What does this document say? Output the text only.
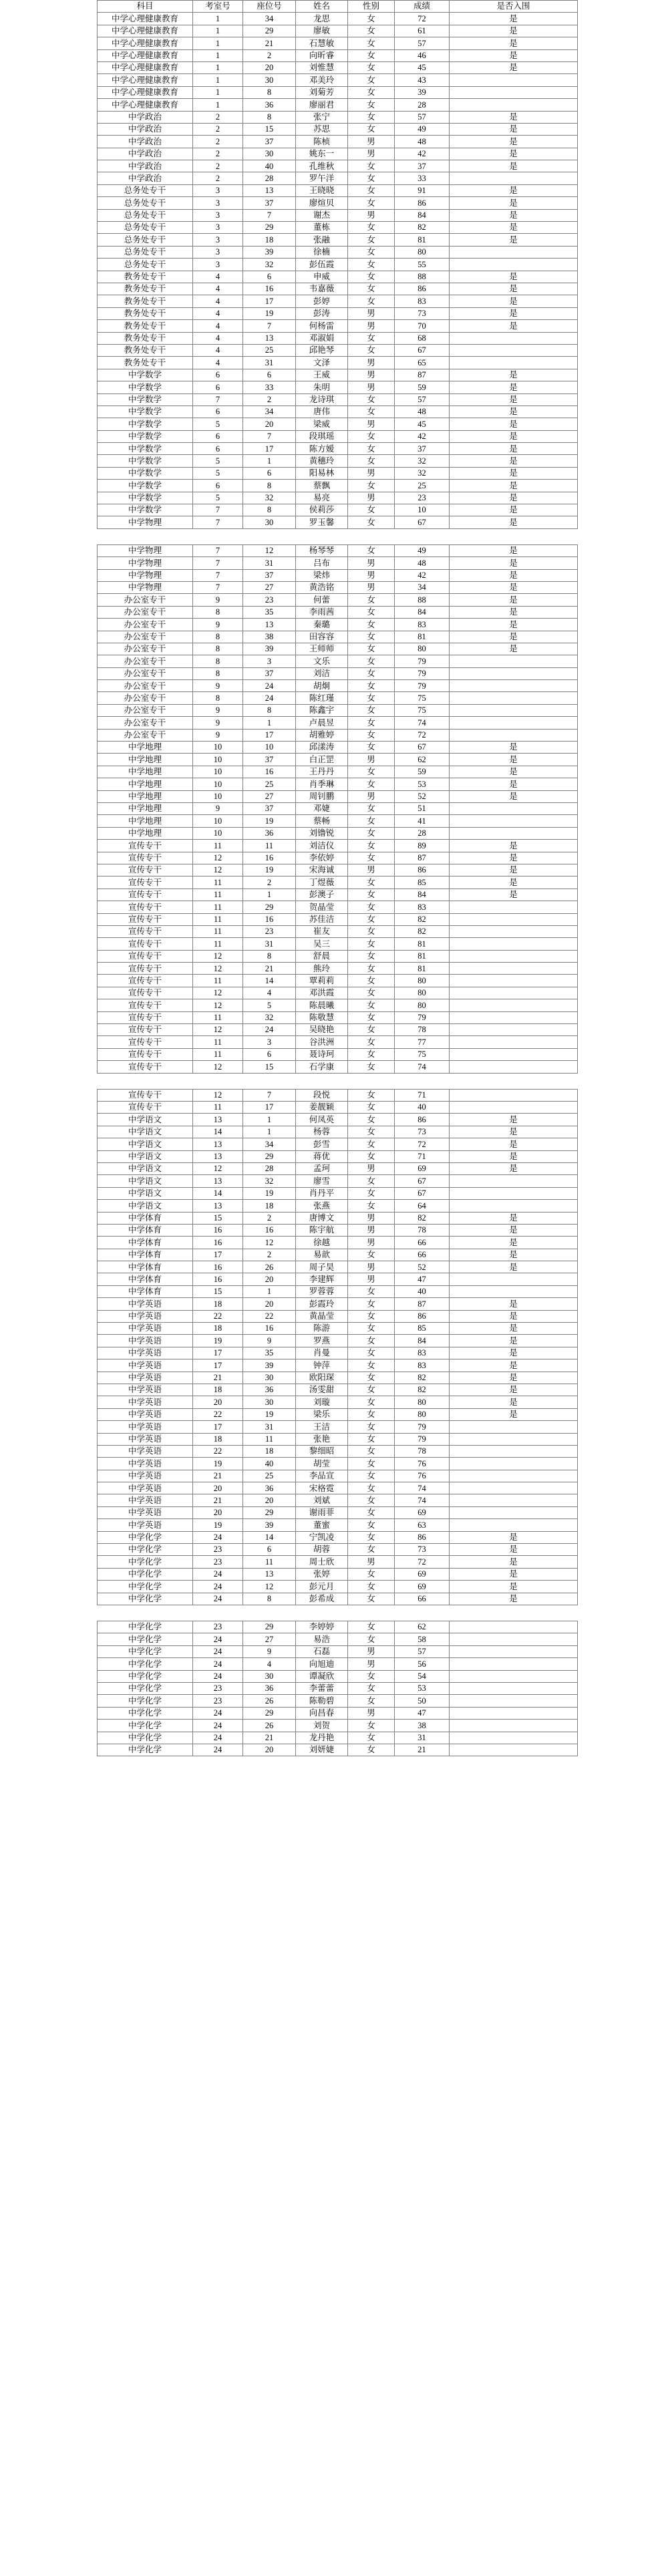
科目	考室号	座位号	姓名	性别	成绩	是否入围
中学心理健康教育	1	34	龙思	女	72	是
中学心理健康教育	1	29	廖敏	女	61	是
中学心理健康教育	1	21	石慧敏	女	57	是
中学心理健康教育	1	2	向昕睿	女	46	是
中学心理健康教育	1	20	刘惟慧	女	45	是
中学心理健康教育	1	30	邓美玲	女	43	
中学心理健康教育	1	8	刘菊芳	女	39	
中学心理健康教育	1	36	廖丽君	女	28	
中学政治	2	8	张宁	女	57	是
中学政治	2	15	苏思	女	49	是
中学政治	2	37	陈桢	男	48	是
中学政治	2	30	姚东一	男	42	是
中学政治	2	40	孔维秋	女	37	是
中学政治	2	28	罗午洋	女	33	
总务处专干	3	13	王晓晓	女	91	是
总务处专干	3	37	廖煊贝	女	86	是
总务处专干	3	7	谢杰	男	84	是
总务处专干	3	29	董栋	女	82	是
总务处专干	3	18	张融	女	81	是
总务处专干	3	39	徐楠	女	80	
总务处专干	3	32	彭伍霞	女	55	
教务处专干	4	6	申威	女	88	是
教务处专干	4	16	韦嘉薇	女	86	是
教务处专干	4	17	彭婷	女	83	是
教务处专干	4	19	彭涛	男	73	是
教务处专干	4	7	何杨雷	男	70	是
教务处专干	4	13	邓淑娟	女	68	
教务处专干	4	25	邱艳琴	女	67	
教务处专干	4	31	文泽	男	65	
中学数学	6	6	王威	男	87	是
中学数学	6	33	朱明	男	59	是
中学数学	7	2	龙诗琪	女	57	是
中学数学	6	34	唐伟	女	48	是
中学数学	5	20	梁威	男	45	是
中学数学	6	7	段琪瑶	女	42	是
中学数学	6	17	陈方嫒	女	37	是
中学数学	5	1	黄穗玲	女	32	是
中学数学	5	6	阳易林	男	32	是
中学数学	6	8	蔡飘	女	25	是
中学数学	5	32	易亮	男	23	是
中学数学	7	8	侯莉莎	女	10	是
中学物理	7	30	罗玉馨	女	67	是
中学物理	7	12	杨琴琴	女	49	是
中学物理	7	31	吕布	男	48	是
中学物理	7	37	梁炜	男	42	是
中学物理	7	27	黄浩铭	男	34	是
办公室专干	9	23	何蕾	女	88	是
办公室专干	8	35	李雨茜	女	84	是
办公室专干	9	13	秦璐	女	83	是
办公室专干	8	38	田容容	女	81	是
办公室专干	8	39	王师师	女	80	是
办公室专干	8	3	文乐	女	79	
办公室专干	8	37	刘洁	女	79	
办公室专干	9	24	胡炯	女	79	
办公室专干	8	24	陈红瑾	女	75	
办公室专干	9	8	陈鑫宇	女	75	
办公室专干	9	1	卢晨昱	女	74	
办公室专干	9	17	胡雅婷	女	72	
中学地理	10	10	邱漾涛	女	67	是
中学地理	10	37	白正罡	男	62	是
中学地理	10	16	王丹丹	女	59	是
中学地理	10	25	肖季琳	女	53	是
中学地理	10	27	周钊鹏	男	52	是
中学地理	9	37	邓婕	女	51	
中学地理	10	19	蔡畅	女	41	
中学地理	10	36	刘镥锐	女	28	
宣传专干	11	11	刘洁仪	女	89	是
宣传专干	12	16	李依婷	女	87	是
宣传专干	12	19	宋海诚	男	86	是
宣传专干	11	2	丁煜薇	女	85	是
宣传专干	11	1	彭澳子	女	84	是
宣传专干	11	29	贺晶莹	女	83	
宣传专干	11	16	苏佳洁	女	82	
宣传专干	11	23	崔友	女	82	
宣传专干	11	31	吴三	女	81	
宣传专干	12	8	舒晨	女	81	
宣传专干	12	21	熊玲	女	81	
宣传专干	11	14	覃莉莉	女	80	
宣传专干	12	4	邓洪霞	女	80	
宣传专干	12	5	陈晨曦	女	80	
宣传专干	11	32	陈敬慧	女	79	
宣传专干	12	24	吴晓艳	女	78	
宣传专干	11	3	谷洪洲	女	77	
宣传专干	11	6	聂诗珂	女	75	
宣传专干	12	15	石学康	女	74	
宣传专干	12	7	段悦	女	71	
宣传专干	11	17	姜靓颖	女	40	
中学语文	13	1	何凤英	女	86	是
中学语文	14	1	杨蓉	女	73	是
中学语文	13	34	彭雪	女	72	是
中学语文	13	29	蒋优	女	71	是
中学语文	12	28	孟珂	男	69	是
中学语文	13	32	廖雪	女	67	
中学语文	14	19	肖丹平	女	67	
中学语文	13	18	张燕	女	64	
中学体育	15	2	唐博文	男	82	是
中学体育	16	16	陈宇航	男	78	是
中学体育	16	12	徐越	男	66	是
中学体育	17	2	易歆	女	66	是
中学体育	16	26	周子昊	男	52	是
中学体育	16	20	李建辉	男	47	
中学体育	15	1	罗蓉蓉	女	40	
中学英语	18	20	彭霞玲	女	87	是
中学英语	22	22	黄晶莹	女	86	是
中学英语	18	16	陈游	女	85	是
中学英语	19	9	罗燕	女	84	是
中学英语	17	35	肖曼	女	83	是
中学英语	17	39	钟萍	女	83	是
中学英语	21	30	欧阳琛	女	82	是
中学英语	18	36	汤雯甜	女	82	是
中学英语	20	30	刘璇	女	80	是
中学英语	22	19	梁乐	女	80	是
中学英语	17	31	王洁	女	79	
中学英语	18	11	张艳	女	79	
中学英语	22	18	黎细昭	女	78	
中学英语	19	40	胡莹	女	76	
中学英语	21	25	李品宣	女	76	
中学英语	20	36	宋格霓	女	74	
中学英语	21	20	刘斌	女	74	
中学英语	20	29	谢雨菲	女	69	
中学英语	19	39	董蜜	女	63	
中学化学	24	14	宁凯凌	女	86	是
中学化学	23	6	胡蓉	女	73	是
中学化学	23	11	周士欣	男	72	是
中学化学	24	13	张婷	女	69	是
中学化学	24	12	彭元月	女	69	是
中学化学	24	8	彭希成	女	66	是
中学化学	23	29	李婷婷	女	62	
中学化学	24	27	易浩	女	58	
中学化学	24	9	石磊	男	57	
中学化学	24	4	向旭迪	男	56	
中学化学	24	30	谭凝欣	女	54	
中学化学	23	36	李蕾蕾	女	53	
中学化学	23	26	陈勒碧	女	50	
中学化学	24	29	向昌春	男	47	
中学化学	24	26	刘贺	女	38	
中学化学	24	21	龙丹艳	女	31	
中学化学	24	20	刘妍婕	女	21	
